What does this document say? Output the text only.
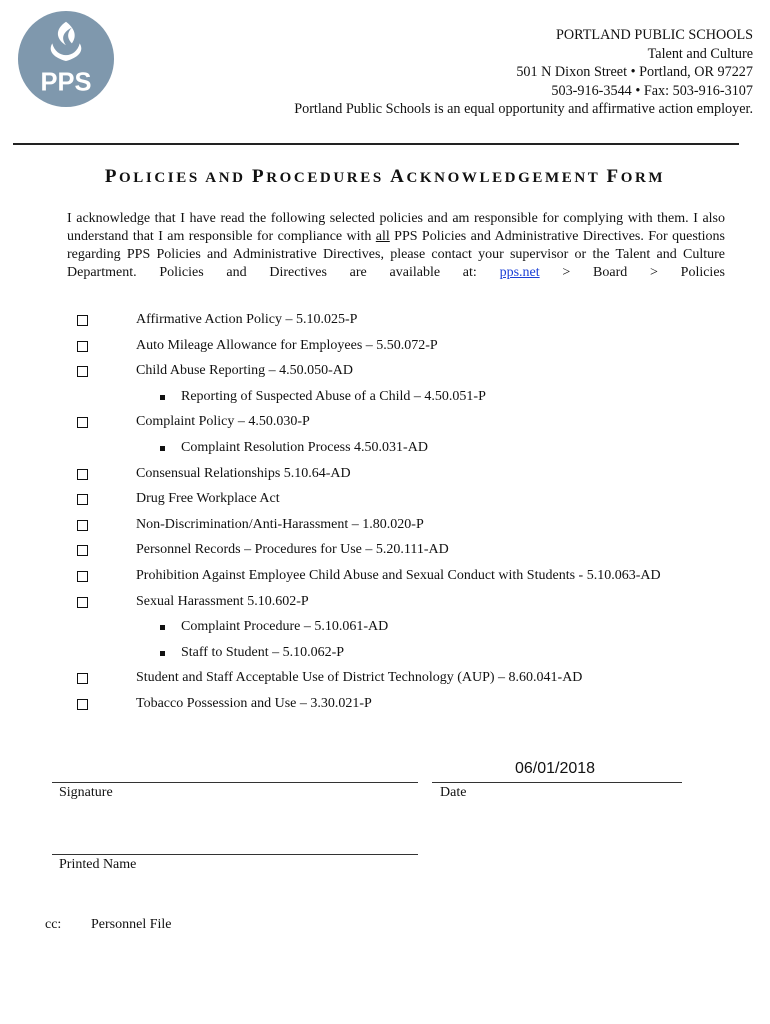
PPS
PORTLAND PUBLIC SCHOOLS
Talent and Culture
501 N Dixon Street • Portland, OR 97227
503-916-3544 • Fax: 503-916-3107
Portland Public Schools is an equal opportunity and affirmative action employer.
POLICIES AND PROCEDURES ACKNOWLEDGEMENT FORM
I acknowledge that I have read the following selected policies and am responsible for complying with them. I also understand that I am responsible for compliance with all PPS Policies and Administrative Directives. For questions regarding PPS Policies and Administrative Directives, please contact your supervisor or the Talent and Culture Department. Policies and Directives are available at: pps.net > Board > Policies
Affirmative Action Policy – 5.10.025-P
Auto Mileage Allowance for Employees – 5.50.072-P
Child Abuse Reporting – 4.50.050-AD
Reporting of Suspected Abuse of a Child – 4.50.051-P
Complaint Policy – 4.50.030-P
Complaint Resolution Process 4.50.031-AD
Consensual Relationships 5.10.64-AD
Drug Free Workplace Act
Non-Discrimination/Anti-Harassment – 1.80.020-P
Personnel Records – Procedures for Use – 5.20.111-AD
Prohibition Against Employee Child Abuse and Sexual Conduct with Students - 5.10.063-AD
Sexual Harassment 5.10.602-P
Complaint Procedure – 5.10.061-AD
Staff to Student – 5.10.062-P
Student and Staff Acceptable Use of District Technology (AUP) – 8.60.041-AD
Tobacco Possession and Use – 3.30.021-P
Signature
06/01/2018
Date
Printed Name
cc: Personnel File
